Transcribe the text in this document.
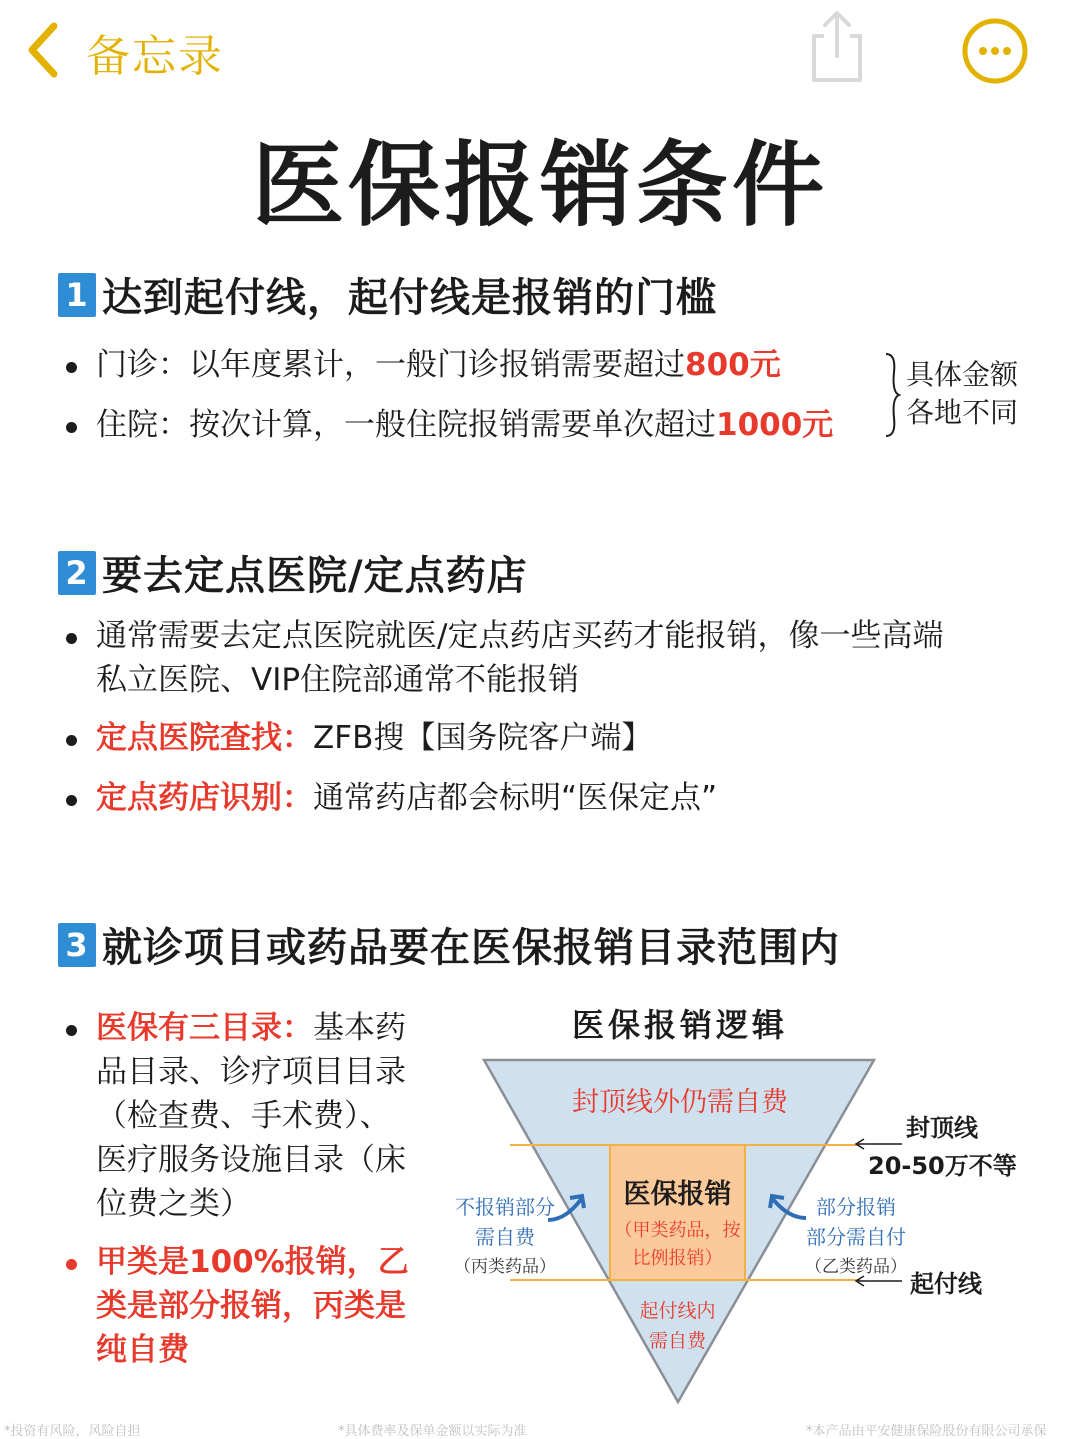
备忘录
医保报销条件
1 达到起付线，起付线是报销的门槛
门诊：以年度累计，一般门诊报销需要超过800元
住院：按次计算，一般住院报销需要单次超过1000元
具体金额
各地不同
2 要去定点医院/定点药店
通常需要去定点医院就医/定点药店买药才能报销，像一些高端
私立医院、VIP住院部通常不能报销
定点医院查找：ZFB搜【国务院客户端】
定点药店识别：通常药店都会标明“医保定点”
3 就诊项目或药品要在医保报销目录范围内
医保有三目录：基本药
品目录、诊疗项目目录
（检查费、手术费）、
医疗服务设施目录（床
位费之类）
甲类是100%报销，乙
类是部分报销，丙类是
纯自费
医保报销逻辑
封顶线外仍需自费
医保报销
（甲类药品，按
比例报销）
起付线内
需自费
不报销部分
需自费
（丙类药品）
部分报销
部分需自付
（乙类药品）
封顶线
20-50万不等
起付线
*投资有风险，风险自担	*具体费率及保单金额以实际为准	*本产品由平安健康保险股份有限公司承保
